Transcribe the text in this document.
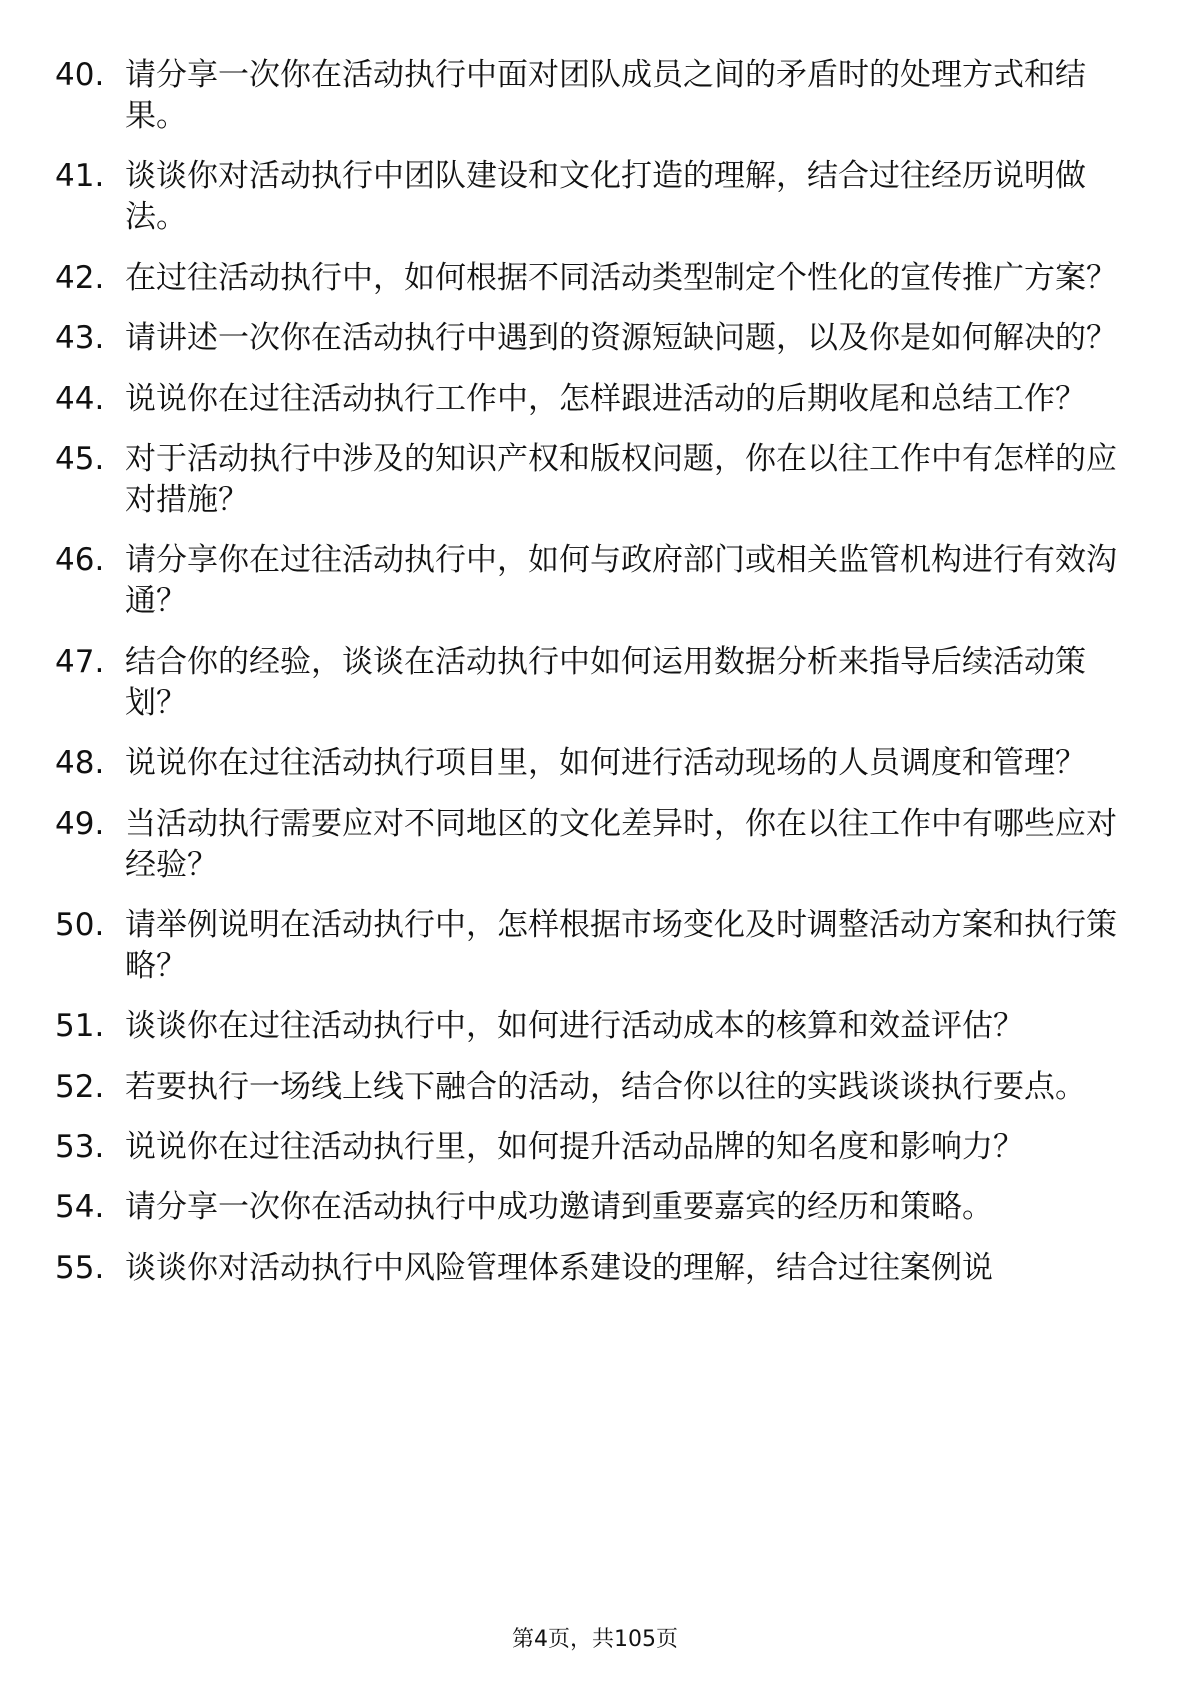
40. 请分享一次你在活动执行中面对团队成员之间的矛盾时的处理方式和结果。
41. 谈谈你对活动执行中团队建设和文化打造的理解，结合过往经历说明做法。
42. 在过往活动执行中，如何根据不同活动类型制定个性化的宣传推广方案？
43. 请讲述一次你在活动执行中遇到的资源短缺问题，以及你是如何解决的？
44. 说说你在过往活动执行工作中，怎样跟进活动的后期收尾和总结工作？
45. 对于活动执行中涉及的知识产权和版权问题，你在以往工作中有怎样的应对措施？
46. 请分享你在过往活动执行中，如何与政府部门或相关监管机构进行有效沟通？
47. 结合你的经验，谈谈在活动执行中如何运用数据分析来指导后续活动策划？
48. 说说你在过往活动执行项目里，如何进行活动现场的人员调度和管理？
49. 当活动执行需要应对不同地区的文化差异时，你在以往工作中有哪些应对经验？
50. 请举例说明在活动执行中，怎样根据市场变化及时调整活动方案和执行策略？
51. 谈谈你在过往活动执行中，如何进行活动成本的核算和效益评估？
52. 若要执行一场线上线下融合的活动，结合你以往的实践谈谈执行要点。
53. 说说你在过往活动执行里，如何提升活动品牌的知名度和影响力？
54. 请分享一次你在活动执行中成功邀请到重要嘉宾的经历和策略。
55. 谈谈你对活动执行中风险管理体系建设的理解，结合过往案例说
第4页，共105页
